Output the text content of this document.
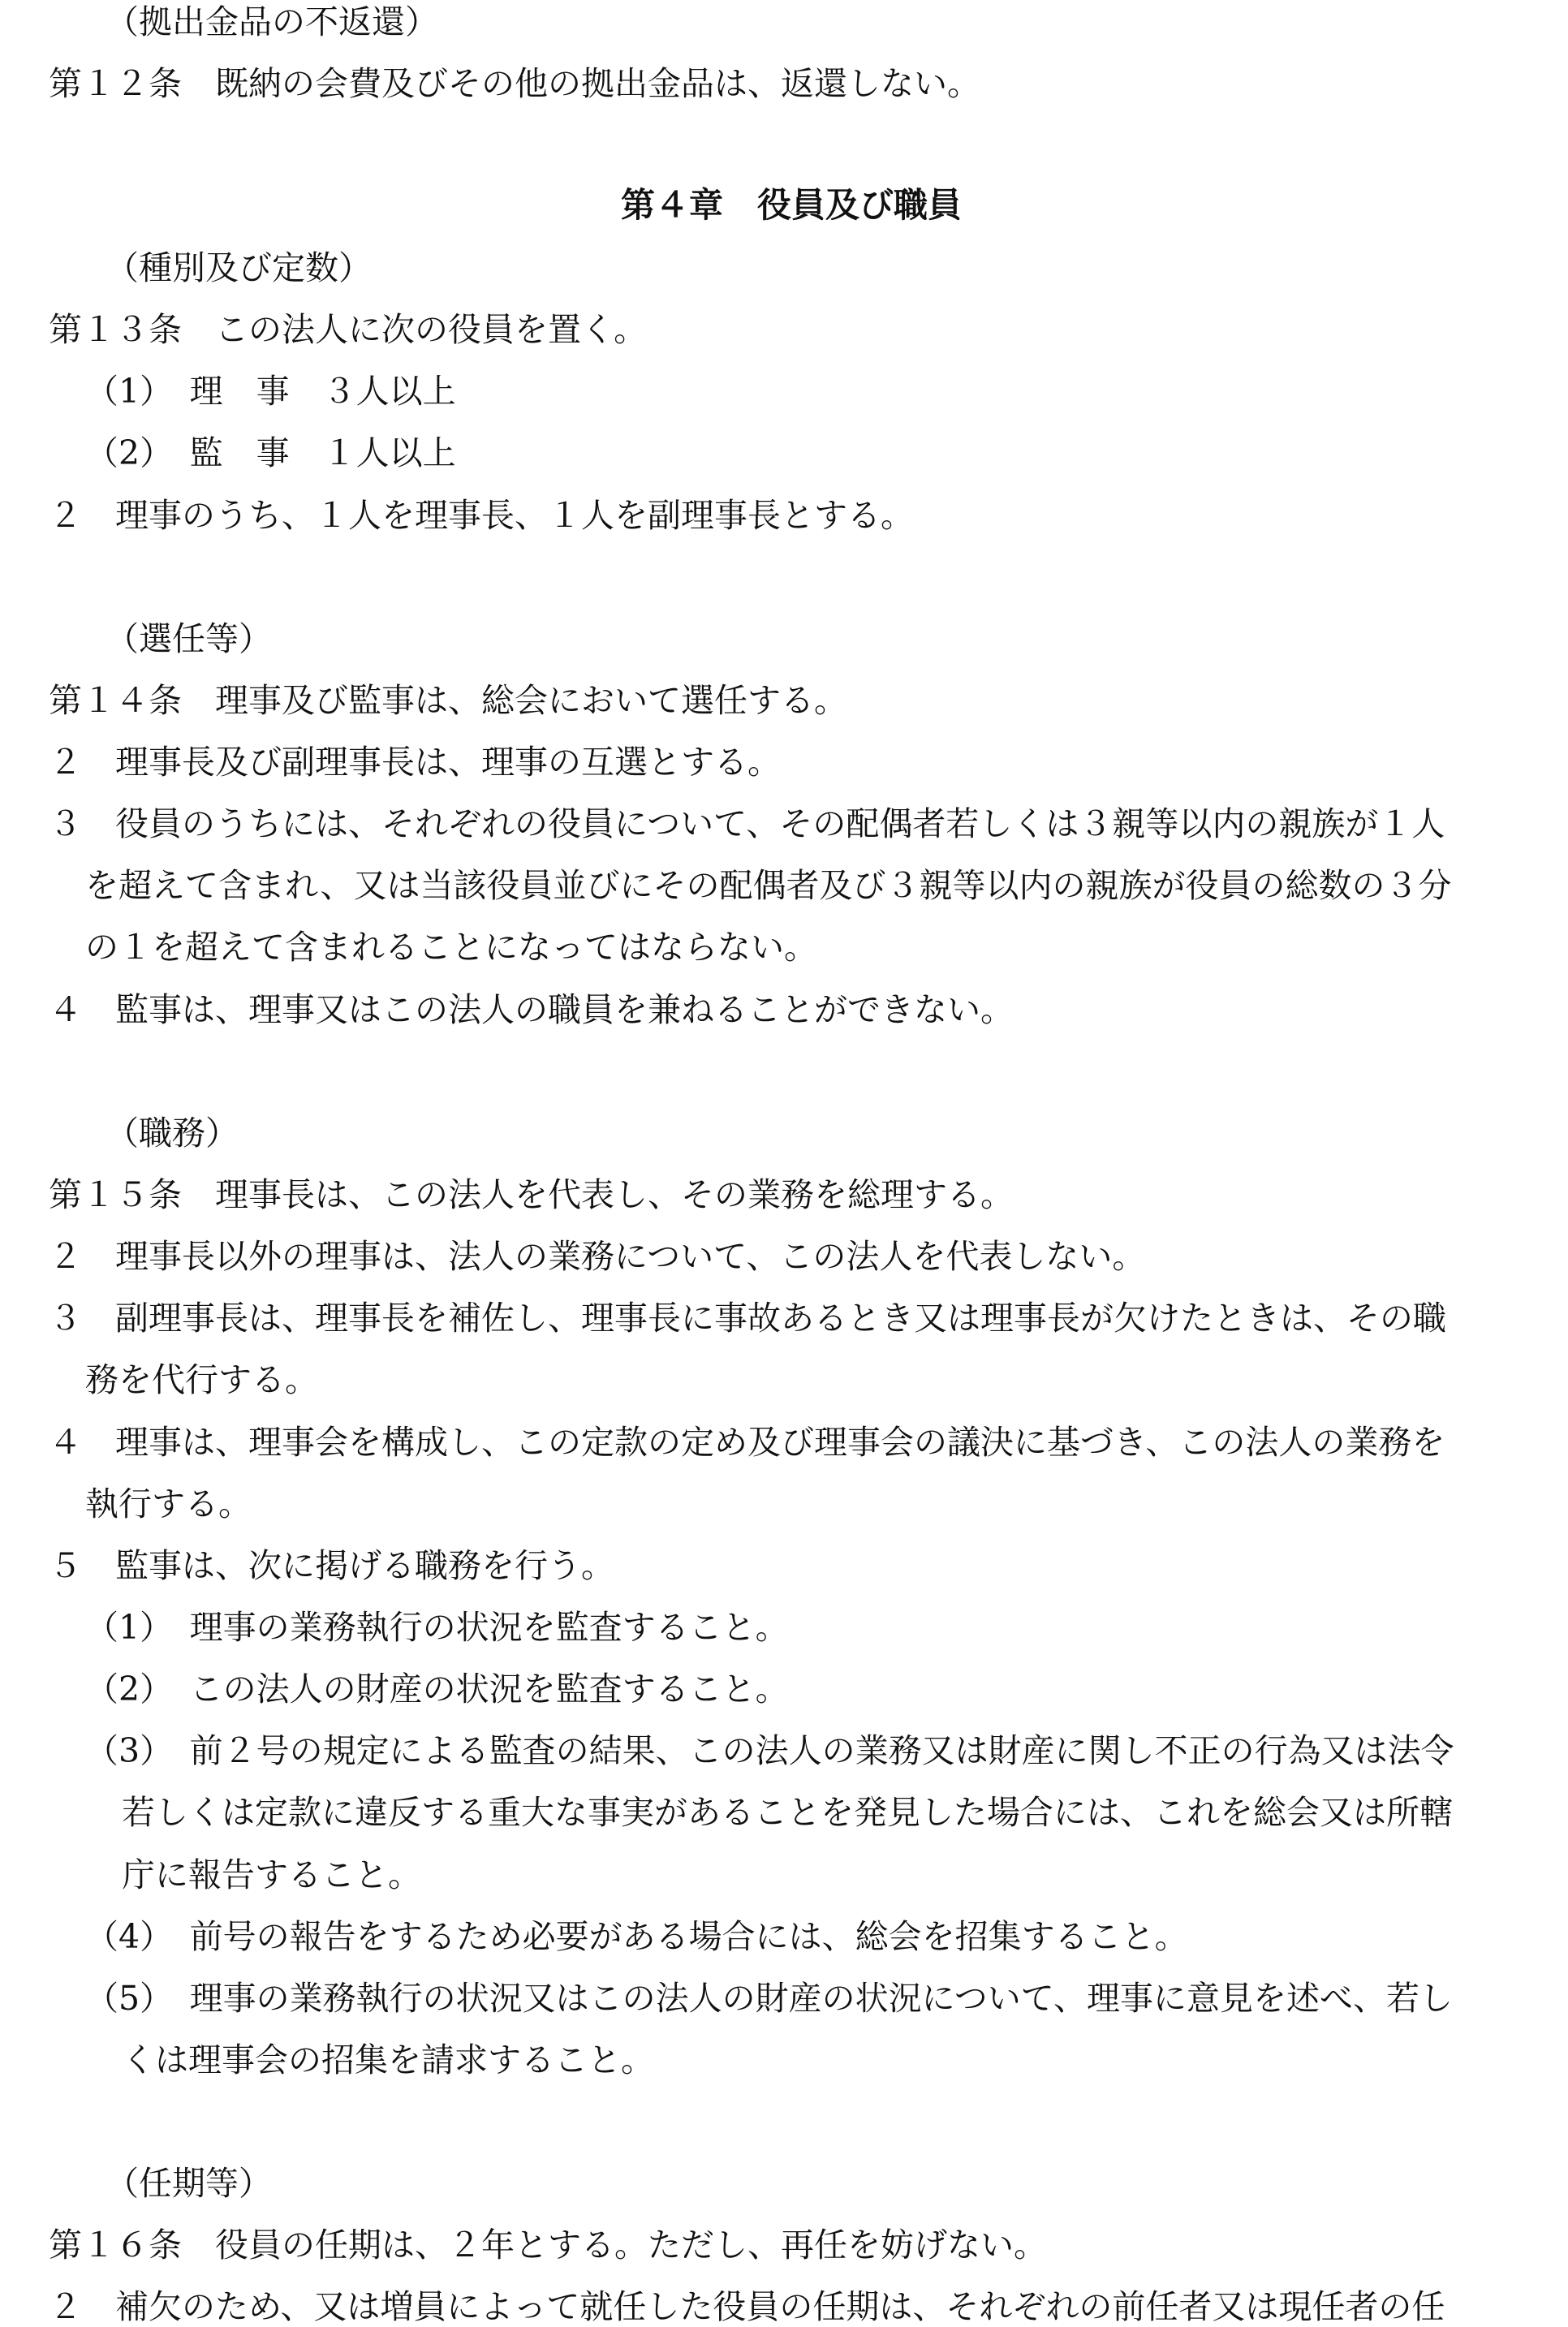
（拠出金品の不返還）
第１２条　既納の会費及びその他の拠出金品は、返還しない。
第４章　役員及び職員
（種別及び定数）
第１３条　この法人に次の役員を置く。
（1）　理　事　３人以上
（2）　監　事　１人以上
２　理事のうち、１人を理事長、１人を副理事長とする。
（選任等）
第１４条　理事及び監事は、総会において選任する。
２　理事長及び副理事長は、理事の互選とする。
３　役員のうちには、それぞれの役員について、その配偶者若しくは３親等以内の親族が１人
を超えて含まれ、又は当該役員並びにその配偶者及び３親等以内の親族が役員の総数の３分
の１を超えて含まれることになってはならない。
４　監事は、理事又はこの法人の職員を兼ねることができない。
（職務）
第１５条　理事長は、この法人を代表し、その業務を総理する。
２　理事長以外の理事は、法人の業務について、この法人を代表しない。
３　副理事長は、理事長を補佐し、理事長に事故あるとき又は理事長が欠けたときは、その職
務を代行する。
４　理事は、理事会を構成し、この定款の定め及び理事会の議決に基づき、この法人の業務を
執行する。
５　監事は、次に掲げる職務を行う。
（1）　理事の業務執行の状況を監査すること。
（2）　この法人の財産の状況を監査すること。
（3）　前２号の規定による監査の結果、この法人の業務又は財産に関し不正の行為又は法令
若しくは定款に違反する重大な事実があることを発見した場合には、これを総会又は所轄
庁に報告すること。
（4）　前号の報告をするため必要がある場合には、総会を招集すること。
（5）　理事の業務執行の状況又はこの法人の財産の状況について、理事に意見を述べ、若し
くは理事会の招集を請求すること。
（任期等）
第１６条　役員の任期は、２年とする。ただし、再任を妨げない。
２　補欠のため、又は増員によって就任した役員の任期は、それぞれの前任者又は現任者の任
